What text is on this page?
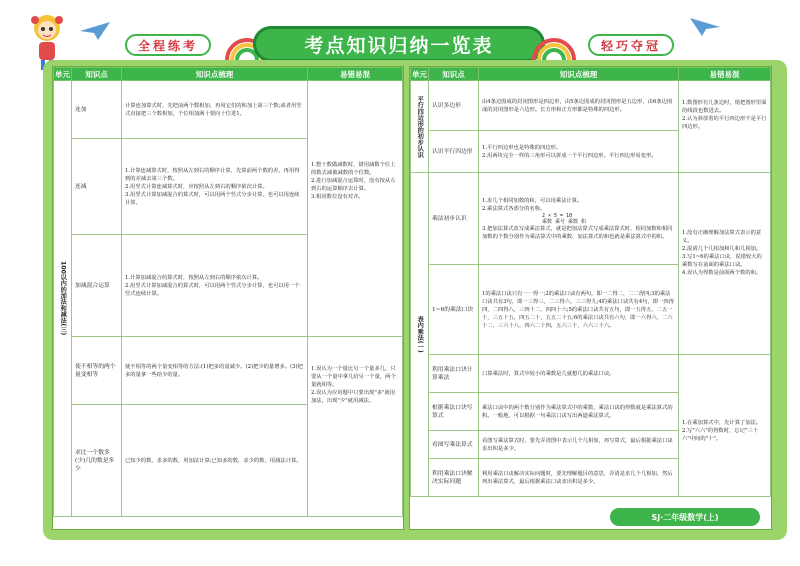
全程练考	考点知识归纳一览表	轻巧夺冠
单元	知识点	知识点梳理	易错易混
100以内的加法和减法(三)	连加	计算连加算式时，先把前两个数相加，再用它们的和加上第三个数;或者用竖式直接把三个数相加，个位相加满十要向十位进1。	1.整十数做减数时，错用减数个位上的数去减被减数的个位数。
2.进行加减混合运算时，没有按从左到右的运算顺序去计算。
3.相同数位没有对齐。

	连减	1.计算连减算式时，按照从左到右的顺序计算，先算前两个数的差，再用得到的差减去第三个数。
2.用竖式计算连减算式时，应按照从左到右的顺序依次计算。
3.用竖式计算加减混合的算式时，可以用两个竖式分步计算，也可以用连续计算。	

	加减混合运算	1.计算加减混合的算式时，按照从左到右的顺序依次计算。
2.用竖式计算加减混合的算式时，可以用两个竖式分步计算，也可以用一个竖式连续计算。	

	使不相等的两个量变相等	使不相等的两个量变相等的方法:(1)把多的量减少。(2)把少的量增多。(3)把多的量拿一些给少的量。	1.误认为一个量比另一个量多几，只要从一个量中拿几给另一个量，两个量就相等。
2.误认为应用题中只要出现"多"就用加法，出现"少"就用减法。

	求比一个数多(少)几的数是多少	已知少的数，求多的数，用加法计算;已知多的数，求少的数，用减法计算。	
单元	知识点	知识点梳理	易错易混
平行四边形的初步认识	认识多边形	由4条边围成的封闭图形是四边形，由5条边围成的封闭图形是五边形，由6条边围成的封闭图形是六边形。长方形和正方形都是特殊的四边形。	1.数图形有几条边时，错把图形里面的线段也数进去。
2.认为斜放着的平行四边形不是平行四边形。

	认识平行四边形	1.平行四边形也是特殊的四边形。
2.用两块完全一样的三角形可以拼成一个平行四边形。平行四边形易变形。	

表内乘法(一)	乘法初步认识	1.求几个相同加数的和，可以用乘法计算。
2.乘法算式各部分的名称。
2 × 5 = 10
乘数 乘号 乘数 积
3.把加法算式改写成乘法算式，就是把加法算式写成乘法算式时，相同加数和相同加数的个数分别作为乘法算式中的乘数，加法算式的和也就是乘法算式中的积。	1.没有正确理解加法算式表示的意义。
2.混淆几个几相加和几和几相加。
3.写1~6的乘法口诀，说错较大的乘数写在前面的乘法口诀。
4.误认为得数是前面两个数的和。

	1~6的乘法口诀	1的乘法口诀只有一一得一;2的乘法口诀有两句，即一二得二，二二得四;3的乘法口诀共有3句，即一三得三，二三得六，三三得九;4的乘法口诀共有4句，即一四得四，二四得八，三四十二，四四十六;5的乘法口诀共有五句，即一五得五，二五一十，三五十五，四五二十，五五二十五;6的乘法口诀共有六句，即一六得六，二六十二，三六十八，四六二十四，五六三十，六六三十六。	

	利用乘法口诀计算乘法	口算乘法时，算式中较小的乘数是几就想几的乘法口诀。	1.在乘加算式中，先计算了加法。
2.写"六六"的得数时，忘记"三十六"中间的"十"。

	根据乘法口诀写算式	乘法口诀中的两个数分别作为乘法算式中的乘数，乘法口诀的得数就是乘法算式的积。一般地，可以根据一句乘法口诀写出两道乘法算式。	

	看图写乘法算式	看图写乘法算式时，要先弄清图中表示几个几相加，再写算式，最后根据乘法口诀求出积是多少。	

	利用乘法口诀解决实际问题	利用乘法口诀解决实际问题时，要先理解题目的意思，弄清是求几个几相加，然后列出乘法算式，最后根据乘法口诀求出积是多少。	
SJ·二年级数学(上)
